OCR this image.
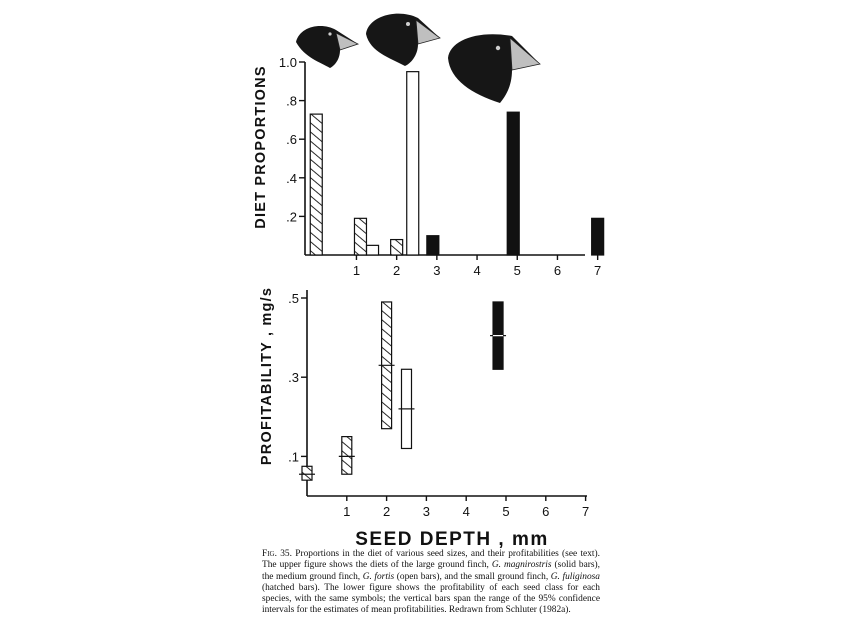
.2
.4
.6
.8
1.0
1	2	3	4	5	6	7
DIET PROPORTIONS
.1
.3
.5
1	2	3	4	5	6	7
PROFITABILITY , mg/s
SEED DEPTH , mm
Fig. 35. Proportions in the diet of various seed sizes, and their profitabilities (see text). The upper figure shows the diets of the large ground finch, G. magnirostris (solid bars), the medium ground finch, G. fortis (open bars), and the small ground finch, G. fuliginosa (hatched bars). The lower figure shows the profitability of each seed class for each species, with the same symbols; the vertical bars span the range of the 95% confidence intervals for the estimates of mean profitabilities. Redrawn from Schluter (1982a).
